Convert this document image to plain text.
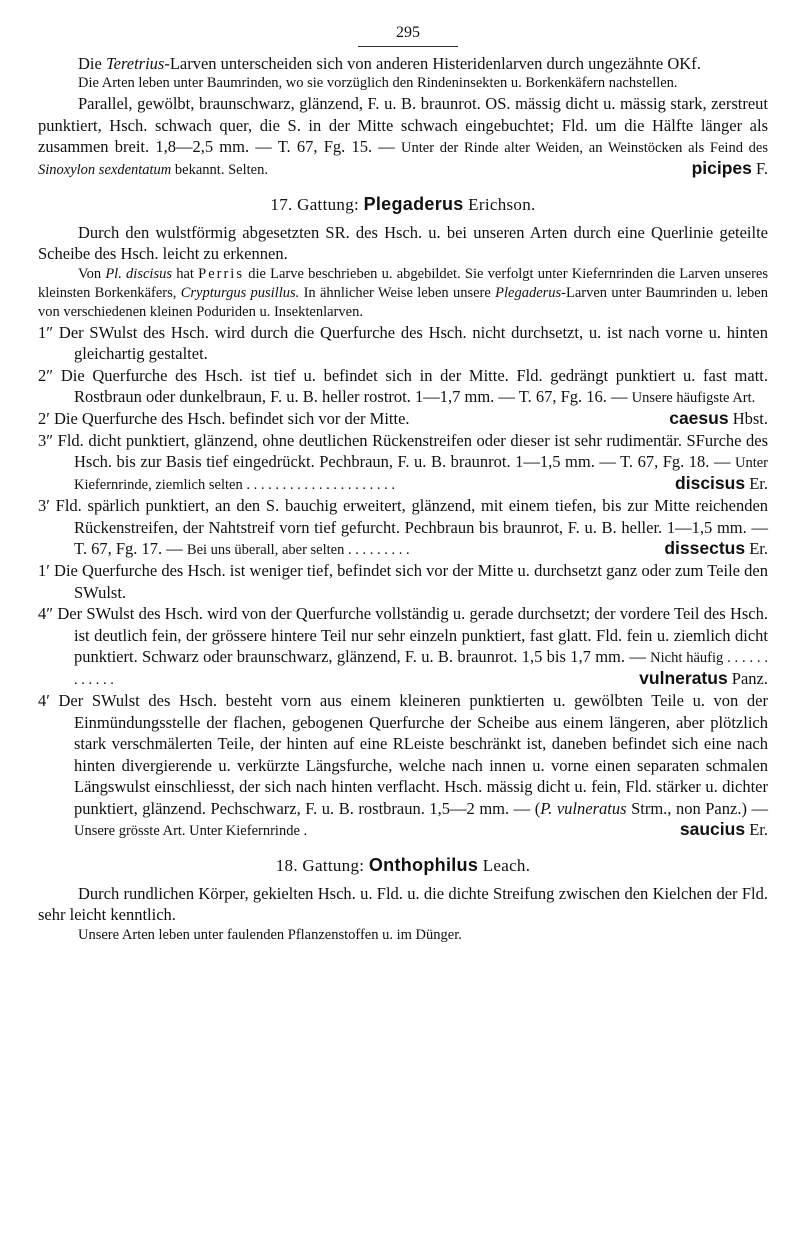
295

Die Teretrius-Larven unterscheiden sich von anderen Histeridenlarven durch ungezähnte OKf.

Die Arten leben unter Baumrinden, wo sie vorzüglich den Rindeninsekten u. Borkenkäfern nachstellen.

Parallel, gewölbt, braunschwarz, glänzend, F. u. B. braunrot. OS. mässig dicht u. mässig stark, zerstreut punktiert, Hsch. schwach quer, die S. in der Mitte schwach eingebuchtet; Fld. um die Hälfte länger als zusammen breit. 1,8—2,5 mm. — T. 67, Fg. 15. — Unter der Rinde alter Weiden, an Weinstöcken als Feind des Sinoxylon sexdentatum bekannt. Selten.	picipes F.

17. Gattung: Plegaderus Erichson.

Durch den wulstförmig abgesetzten SR. des Hsch. u. bei unseren Arten durch eine Querlinie geteilte Scheibe des Hsch. leicht zu erkennen.

Von Pl. discisus hat Perris die Larve beschrieben u. abgebildet. Sie verfolgt unter Kiefernrinden die Larven unseres kleinsten Borkenkäfers, Crypturgus pusillus. In ähnlicher Weise leben unsere Plegaderus-Larven unter Baumrinden u. leben von verschiedenen kleinen Poduriden u. Insektenlarven.

1″ Der SWulst des Hsch. wird durch die Querfurche des Hsch. nicht durchsetzt, u. ist nach vorne u. hinten gleichartig gestaltet.

2″ Die Querfurche des Hsch. ist tief u. befindet sich in der Mitte. Fld. gedrängt punktiert u. fast matt. Rostbraun oder dunkelbraun, F. u. B. heller rostrot. 1—1,7 mm. — T. 67, Fg. 16. — Unsere häufigste Art.
caesus Hbst.

2′ Die Querfurche des Hsch. befindet sich vor der Mitte.

3″ Fld. dicht punktiert, glänzend, ohne deutlichen Rückenstreifen oder dieser ist sehr rudimentär. SFurche des Hsch. bis zur Basis tief eingedrückt. Pechbraun, F. u. B. braunrot. 1—1,5 mm. — T. 67, Fg. 18. — Unter Kiefernrinde, ziemlich selten . . . . . . . . . . . . . . . . . . . . .	discisus Er.

3′ Fld. spärlich punktiert, an den S. bauchig erweitert, glänzend, mit einem tiefen, bis zur Mitte reichenden Rückenstreifen, der Nahtstreif vorn tief gefurcht. Pechbraun bis braunrot, F. u. B. heller. 1—1,5 mm. — T. 67, Fg. 17. — Bei uns überall, aber selten . . . . . . . . .	dissectus Er.

1′ Die Querfurche des Hsch. ist weniger tief, befindet sich vor der Mitte u. durchsetzt ganz oder zum Teile den SWulst.

4″ Der SWulst des Hsch. wird von der Querfurche vollständig u. gerade durchsetzt; der vordere Teil des Hsch. ist deutlich fein, der grössere hintere Teil nur sehr einzeln punktiert, fast glatt. Fld. fein u. ziemlich dicht punktiert. Schwarz oder braunschwarz, glänzend, F. u. B. braunrot. 1,5 bis 1,7 mm. — Nicht häufig . . . . . . . . . . . .	vulneratus Panz.

4′ Der SWulst des Hsch. besteht vorn aus einem kleineren punktierten u. gewölbten Teile u. von der Einmündungsstelle der flachen, gebogenen Querfurche der Scheibe aus einem längeren, aber plötzlich stark verschmälerten Teile, der hinten auf eine RLeiste beschränkt ist, daneben befindet sich eine nach hinten divergierende u. verkürzte Längsfurche, welche nach innen u. vorne einen separaten schmalen Längswulst einschliesst, der sich nach hinten verflacht. Hsch. mässig dicht u. fein, Fld. stärker u. dichter punktiert, glänzend. Pechschwarz, F. u. B. rostbraun. 1,5—2 mm. — (P. vulneratus Strm., non Panz.) — Unsere grösste Art. Unter Kiefernrinde .	saucius Er.

18. Gattung: Onthophilus Leach.

Durch rundlichen Körper, gekielten Hsch. u. Fld. u. die dichte Streifung zwischen den Kielchen der Fld. sehr leicht kenntlich.

Unsere Arten leben unter faulenden Pflanzenstoffen u. im Dünger.
